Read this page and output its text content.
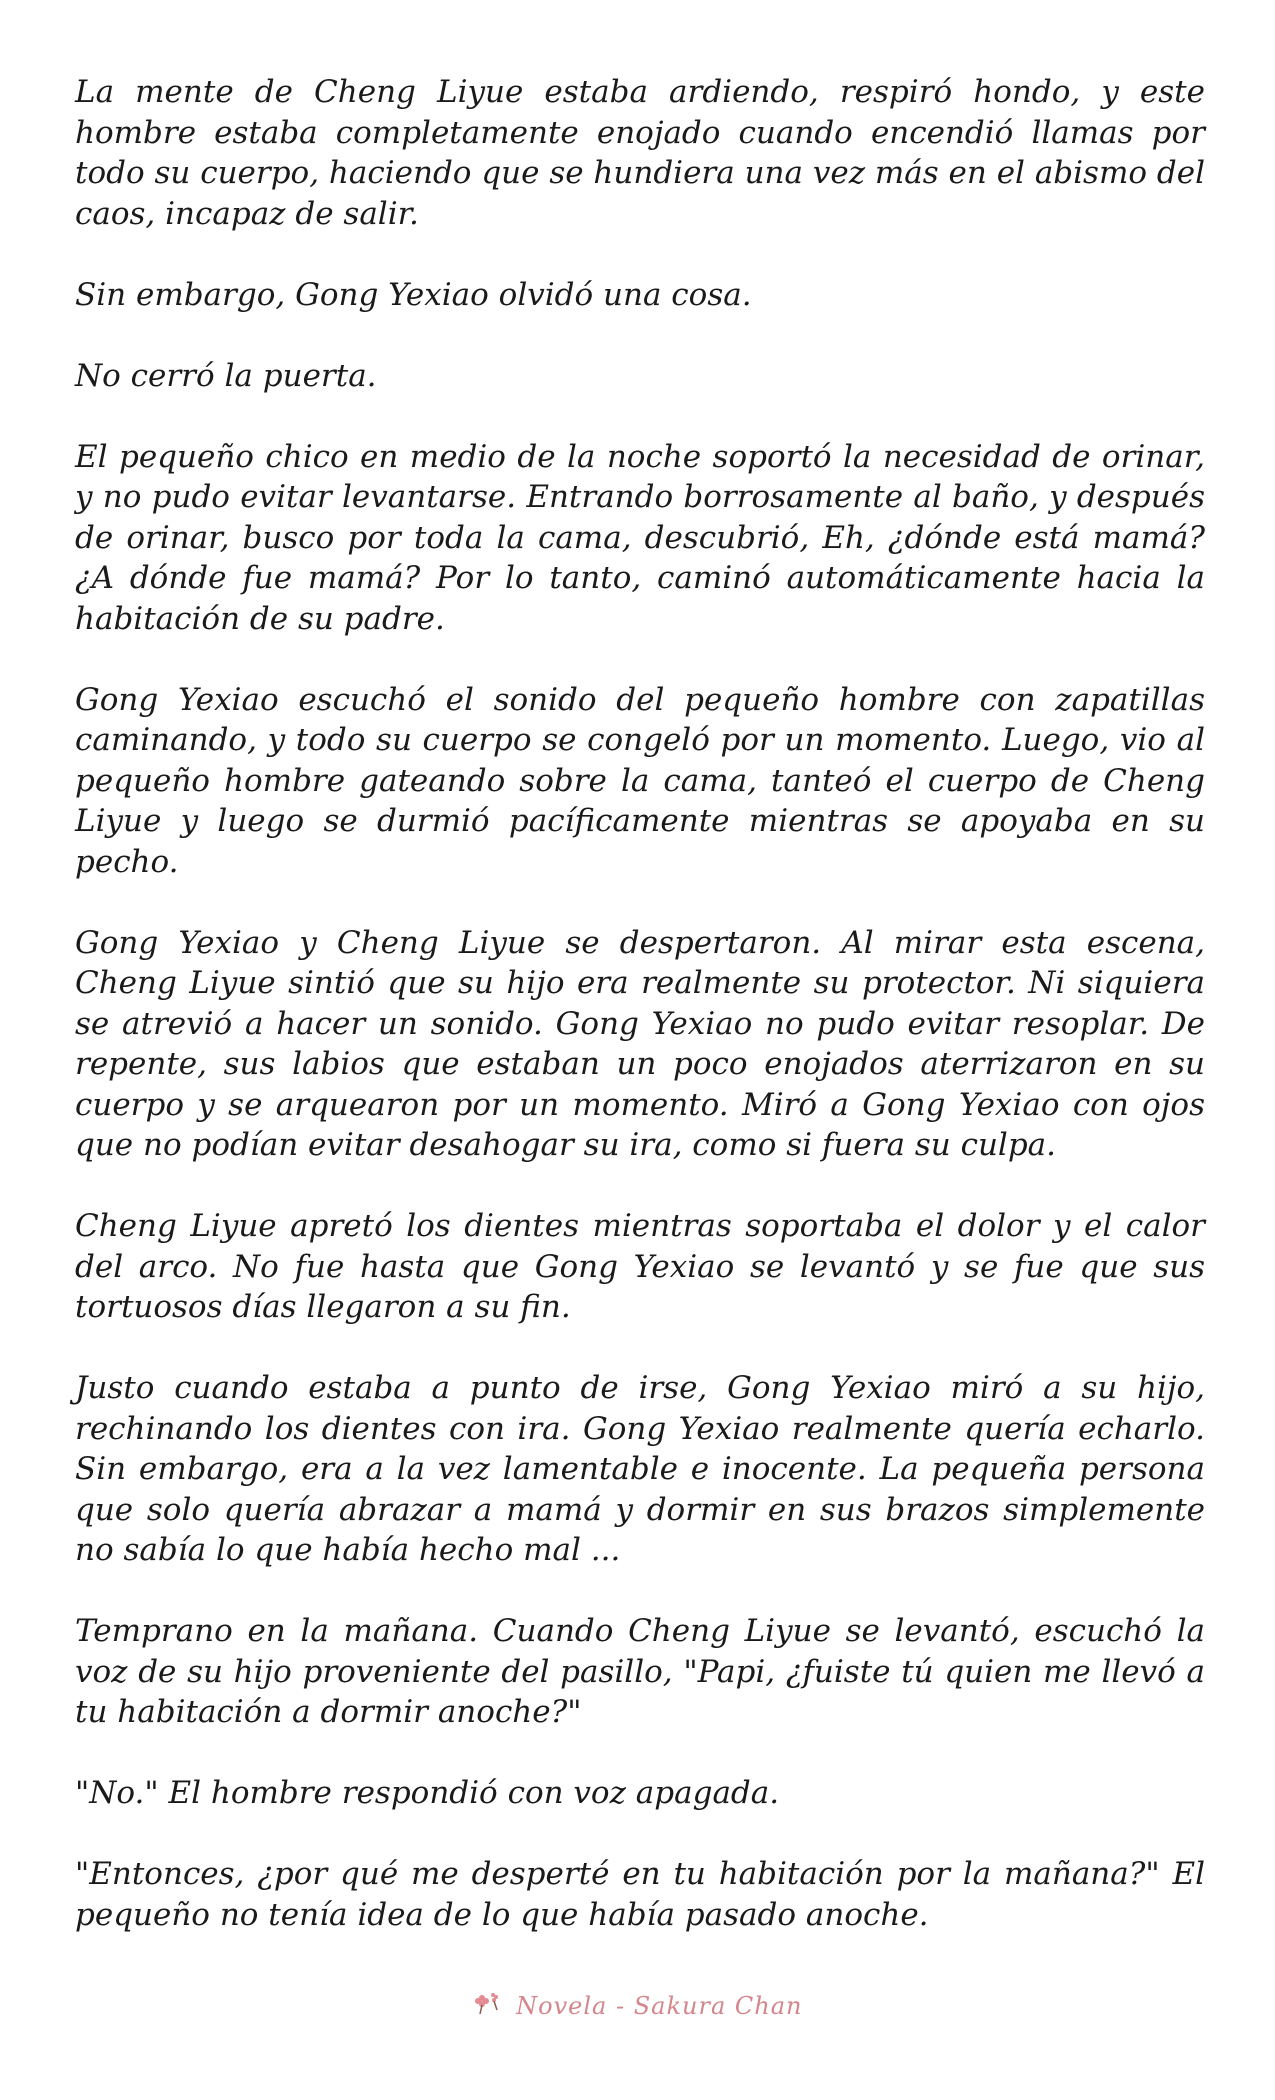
La mente de Cheng Liyue estaba ardiendo, respiró hondo, y este hombre estaba completamente enojado cuando encendió llamas por todo su cuerpo, haciendo que se hundiera una vez más en el abismo del caos, incapaz de salir.

Sin embargo, Gong Yexiao olvidó una cosa.

No cerró la puerta.

El pequeño chico en medio de la noche soportó la necesidad de orinar, y no pudo evitar levantarse. Entrando borrosamente al baño, y después de orinar, busco por toda la cama, descubrió, Eh, ¿dónde está mamá? ¿A dónde fue mamá? Por lo tanto, caminó automáticamente hacia la habitación de su padre.

Gong Yexiao escuchó el sonido del pequeño hombre con zapatillas caminando, y todo su cuerpo se congeló por un momento. Luego, vio al pequeño hombre gateando sobre la cama, tanteó el cuerpo de Cheng Liyue y luego se durmió pacíficamente mientras se apoyaba en su pecho.

Gong Yexiao y Cheng Liyue se despertaron. Al mirar esta escena, Cheng Liyue sintió que su hijo era realmente su protector. Ni siquiera se atrevió a hacer un sonido. Gong Yexiao no pudo evitar resoplar. De repente, sus labios que estaban un poco enojados aterrizaron en su cuerpo y se arquearon por un momento. Miró a Gong Yexiao con ojos que no podían evitar desahogar su ira, como si fuera su culpa.

Cheng Liyue apretó los dientes mientras soportaba el dolor y el calor del arco. No fue hasta que Gong Yexiao se levantó y se fue que sus tortuosos días llegaron a su fin.

Justo cuando estaba a punto de irse, Gong Yexiao miró a su hijo, rechinando los dientes con ira. Gong Yexiao realmente quería echarlo. Sin embargo, era a la vez lamentable e inocente. La pequeña persona que solo quería abrazar a mamá y dormir en sus brazos simplemente no sabía lo que había hecho mal ...

Temprano en la mañana. Cuando Cheng Liyue se levantó, escuchó la voz de su hijo proveniente del pasillo, "Papi, ¿fuiste tú quien me llevó a tu habitación a dormir anoche?"

"No." El hombre respondió con voz apagada.

"Entonces, ¿por qué me desperté en tu habitación por la mañana?" El pequeño no tenía idea de lo que había pasado anoche.

Novela - Sakura Chan
